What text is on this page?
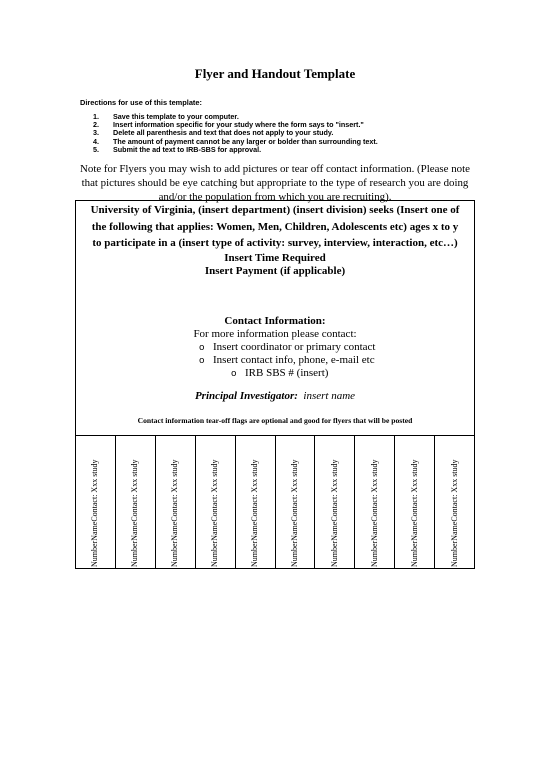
Flyer and Handout Template
Directions for use of this template:
1. Save this template to your computer.
2. Insert information specific for your study where the form says to "insert."
3. Delete all parenthesis and text that does not apply to your study.
4. The amount of payment cannot be any larger or bolder than surrounding text.
5. Submit the ad text to IRB-SBS for approval.
Note for Flyers you may wish to add pictures or tear off contact information. (Please note that pictures should be eye catching but appropriate to the type of research you are doing and/or the population from which you are recruiting).
University of Virginia, (insert department) (insert division) seeks (Insert one of the following that applies: Women, Men, Children, Adolescents etc) ages x to y to participate in a (insert type of activity: survey, interview, interaction, etc…)
Insert Time Required
Insert Payment (if applicable)
Contact Information:
For more information please contact:
o Insert coordinator or primary contact
o Insert contact info, phone, e-mail etc
o IRB SBS # (insert)
Principal Investigator: insert name
Contact information tear-off flags are optional and good for flyers that will be posted
NumberNameContact: Xxx study	NumberNameContact: Xxx study	NumberNameContact: Xxx study	NumberNameContact: Xxx study	NumberNameContact: Xxx study	NumberNameContact: Xxx study	NumberNameContact: Xxx study	NumberNameContact: Xxx study	NumberNameContact: Xxx study	NumberNameContact: Xxx study
